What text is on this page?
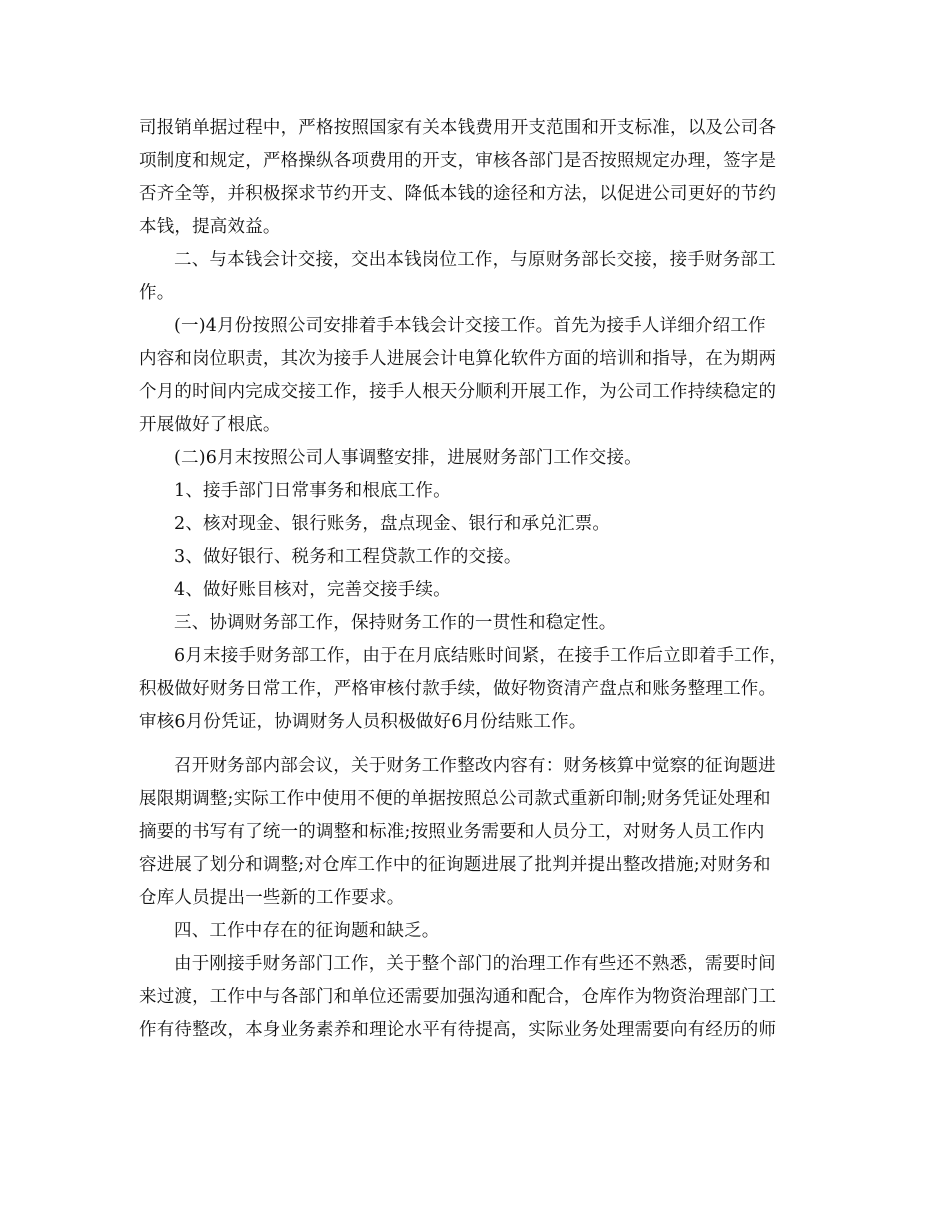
司报销单据过程中，严格按照国家有关本钱费用开支范围和开支标准，以及公司各
项制度和规定，严格操纵各项费用的开支，审核各部门是否按照规定办理，签字是
否齐全等，并积极探求节约开支、降低本钱的途径和方法，以促进公司更好的节约
本钱，提高效益。
二、与本钱会计交接，交出本钱岗位工作，与原财务部长交接，接手财务部工
作。
(一)4月份按照公司安排着手本钱会计交接工作。首先为接手人详细介绍工作
内容和岗位职责，其次为接手人进展会计电算化软件方面的培训和指导，在为期两
个月的时间内完成交接工作，接手人根天分顺利开展工作，为公司工作持续稳定的
开展做好了根底。
(二)6月末按照公司人事调整安排，进展财务部门工作交接。
1、接手部门日常事务和根底工作。
2、核对现金、银行账务，盘点现金、银行和承兑汇票。
3、做好银行、税务和工程贷款工作的交接。
4、做好账目核对，完善交接手续。
三、协调财务部工作，保持财务工作的一贯性和稳定性。
6月末接手财务部工作，由于在月底结账时间紧，在接手工作后立即着手工作，
积极做好财务日常工作，严格审核付款手续，做好物资清产盘点和账务整理工作。
审核6月份凭证，协调财务人员积极做好6月份结账工作。
召开财务部内部会议，关于财务工作整改内容有：财务核算中觉察的征询题进
展限期调整;实际工作中使用不便的单据按照总公司款式重新印制;财务凭证处理和
摘要的书写有了统一的调整和标准;按照业务需要和人员分工，对财务人员工作内
容进展了划分和调整;对仓库工作中的征询题进展了批判并提出整改措施;对财务和
仓库人员提出一些新的工作要求。
四、工作中存在的征询题和缺乏。
由于刚接手财务部门工作，关于整个部门的治理工作有些还不熟悉，需要时间
来过渡，工作中与各部门和单位还需要加强沟通和配合，仓库作为物资治理部门工
作有待整改，本身业务素养和理论水平有待提高，实际业务处理需要向有经历的师
